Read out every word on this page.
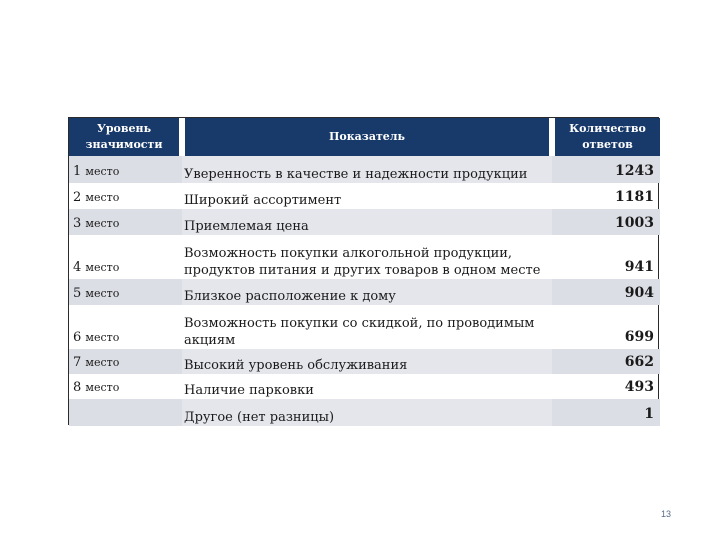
Уровень значимости	Показатель	Количество ответов
1 место	Уверенность в качестве и надежности продукции	1243
2 место	Широкий ассортимент	1181
3 место	Приемлемая цена	1003
4 место	Возможность покупки алкогольной продукции, продуктов питания и других товаров в одном месте	941
5 место	Близкое расположение к дому	904
6 место	Возможность покупки со скидкой, по проводимым акциям	699
7 место	Высокий уровень обслуживания	662
8 место	Наличие парковки	493
	Другое (нет разницы)	1
13
